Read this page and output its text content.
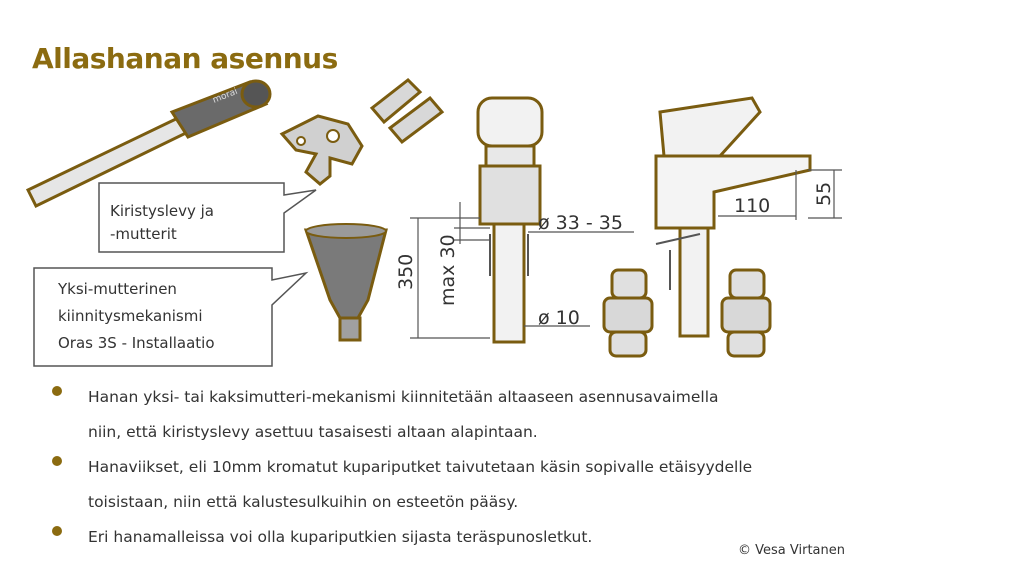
Allashanan asennus
morai
ø 33 - 35
350 max 30
ø 10
110 55
Kiristyslevy ja
-mutterit
Yksi-mutterinen
kiinnitysmekanismi
Oras 3S - Installaatio
Hanan yksi- tai kaksimutteri-mekanismi kiinnitetään altaaseen asennusavaimella
niin, että kiristyslevy asettuu tasaisesti altaan alapintaan.
Hanaviikset, eli 10mm kromatut kupariputket taivutetaan käsin sopivalle etäisyydelle
toisistaan, niin että kalustesulkuihin on esteetön pääsy.
Eri hanamalleissa voi olla kupariputkien sijasta teräspunosletkut.
© Vesa Virtanen
